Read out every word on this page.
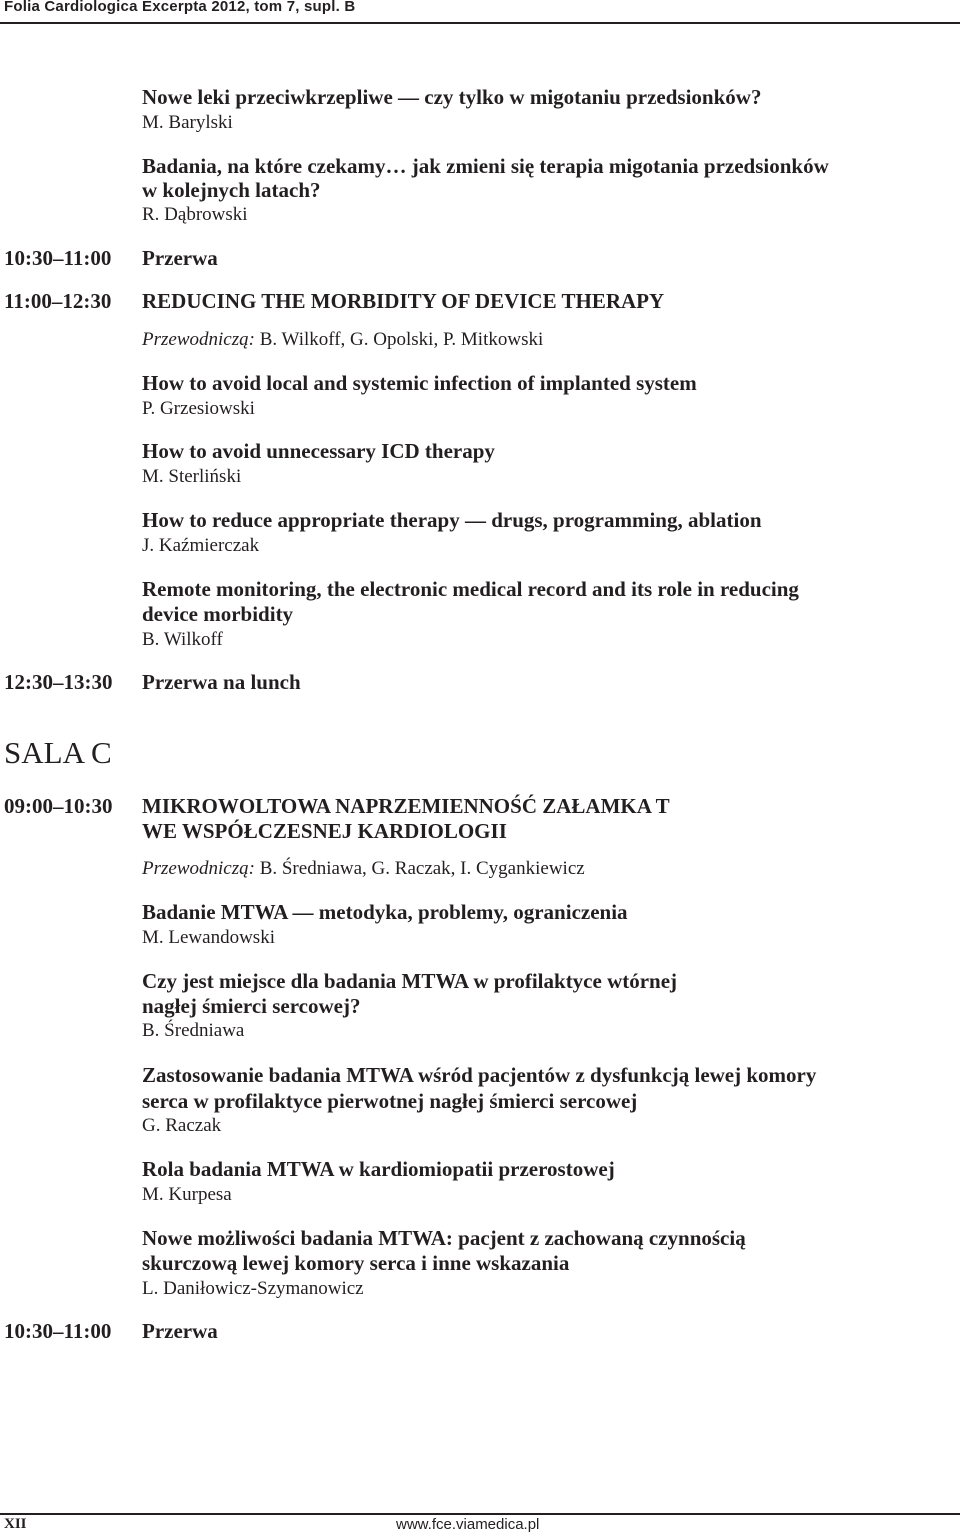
Folia Cardiologica Excerpta 2012, tom 7, supl. B
Nowe leki przeciwkrzepliwe — czy tylko w migotaniu przedsionków?
M. Barylski
Badania, na które czekamy… jak zmieni się terapia migotania przedsionków
w kolejnych latach?
R. Dąbrowski
10:30–11:00 Przerwa
11:00–12:30 REDUCING THE MORBIDITY OF DEVICE THERAPY
Przewodniczą: B. Wilkoff, G. Opolski, P. Mitkowski
How to avoid local and systemic infection of implanted system
P. Grzesiowski
How to avoid unnecessary ICD therapy
M. Sterliński
How to reduce appropriate therapy — drugs, programming, ablation
J. Kaźmierczak
Remote monitoring, the electronic medical record and its role in reducing
device morbidity
B. Wilkoff
12:30–13:30 Przerwa na lunch
SALA C
09:00–10:30 MIKROWOLTOWA NAPRZEMIENNOŚĆ ZAŁAMKA T
WE WSPÓŁCZESNEJ KARDIOLOGII
Przewodniczą: B. Średniawa, G. Raczak, I. Cygankiewicz
Badanie MTWA — metodyka, problemy, ograniczenia
M. Lewandowski
Czy jest miejsce dla badania MTWA w profilaktyce wtórnej
nagłej śmierci sercowej?
B. Średniawa
Zastosowanie badania MTWA wśród pacjentów z dysfunkcją lewej komory
serca w profilaktyce pierwotnej nagłej śmierci sercowej
G. Raczak
Rola badania MTWA w kardiomiopatii przerostowej
M. Kurpesa
Nowe możliwości badania MTWA: pacjent z zachowaną czynnością
skurczową lewej komory serca i inne wskazania
L. Daniłowicz-Szymanowicz
10:30–11:00 Przerwa
XII	www.fce.viamedica.pl
